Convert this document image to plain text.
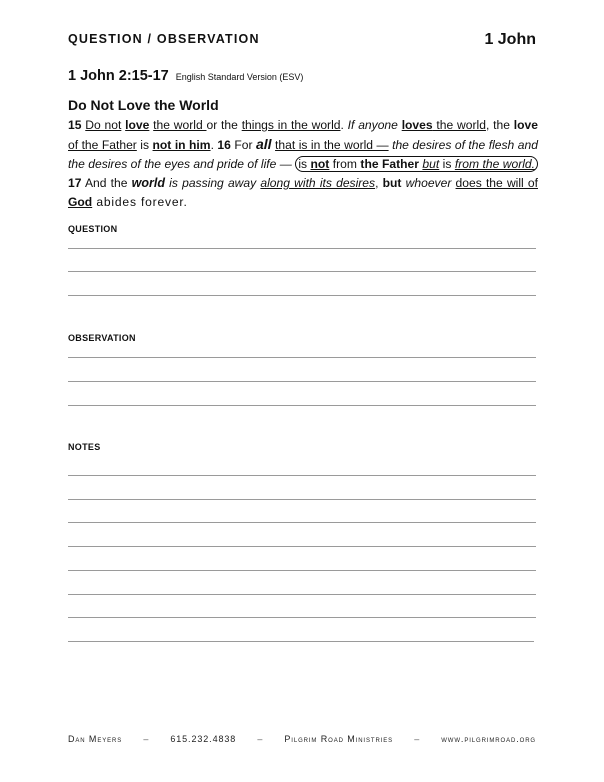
QUESTION / OBSERVATION	1 John
1 John 2:15-17 English Standard Version (ESV)
Do Not Love the World
15 Do not love the world or the things in the world. If anyone loves the world, the love of the Father is not in him. 16 For all that is in the world — the desires of the flesh and the desires of the eyes and pride of life — is not from the Father but is from the world. 17 And the world is passing away along with its desires, but whoever does the will of God abides forever.
QUESTION
OBSERVATION
NOTES
Dan Meyers – 615.232.4838 – Pilgrim Road Ministries – www.pilgrimroad.org
